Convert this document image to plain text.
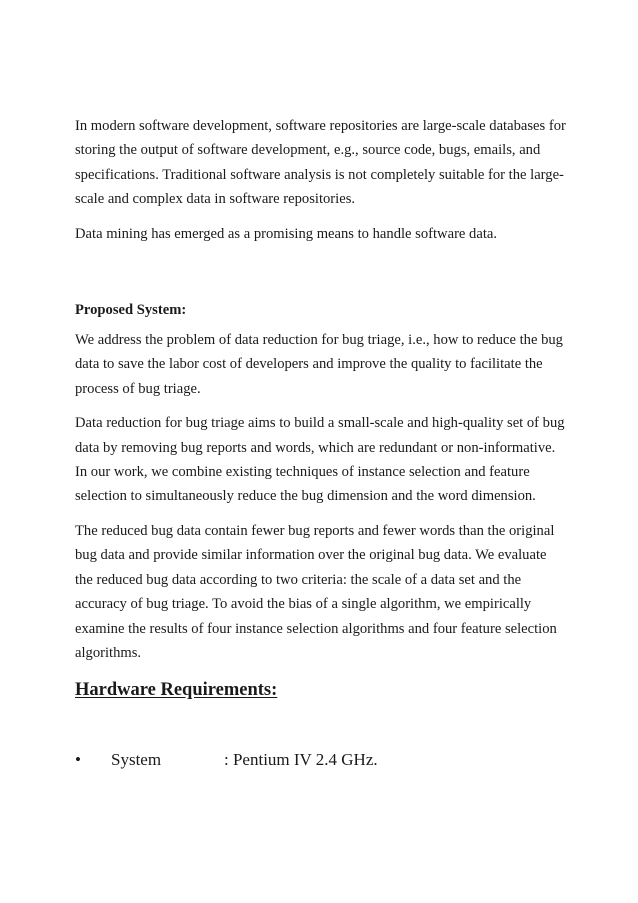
In modern software development, software repositories are large-scale databases for storing the output of software development, e.g., source code, bugs, emails, and specifications. Traditional software analysis is not completely suitable for the large-scale and complex data in software repositories.

Data mining has emerged as a promising means to handle software data.

Proposed System:

We address the problem of data reduction for bug triage, i.e., how to reduce the bug data to save the labor cost of developers and improve the quality to facilitate the process of bug triage.

Data reduction for bug triage aims to build a small-scale and high-quality set of bug data by removing bug reports and words, which are redundant or non-informative. In our work, we combine existing techniques of instance selection and feature selection to simultaneously reduce the bug dimension and the word dimension.

The reduced bug data contain fewer bug reports and fewer words than the original bug data and provide similar information over the original bug data. We evaluate the reduced bug data according to two criteria: the scale of a data set and the accuracy of bug triage. To avoid the bias of a single algorithm, we empirically examine the results of four instance selection algorithms and four feature selection algorithms.

Hardware Requirements:
•	System	: Pentium IV 2.4 GHz.
